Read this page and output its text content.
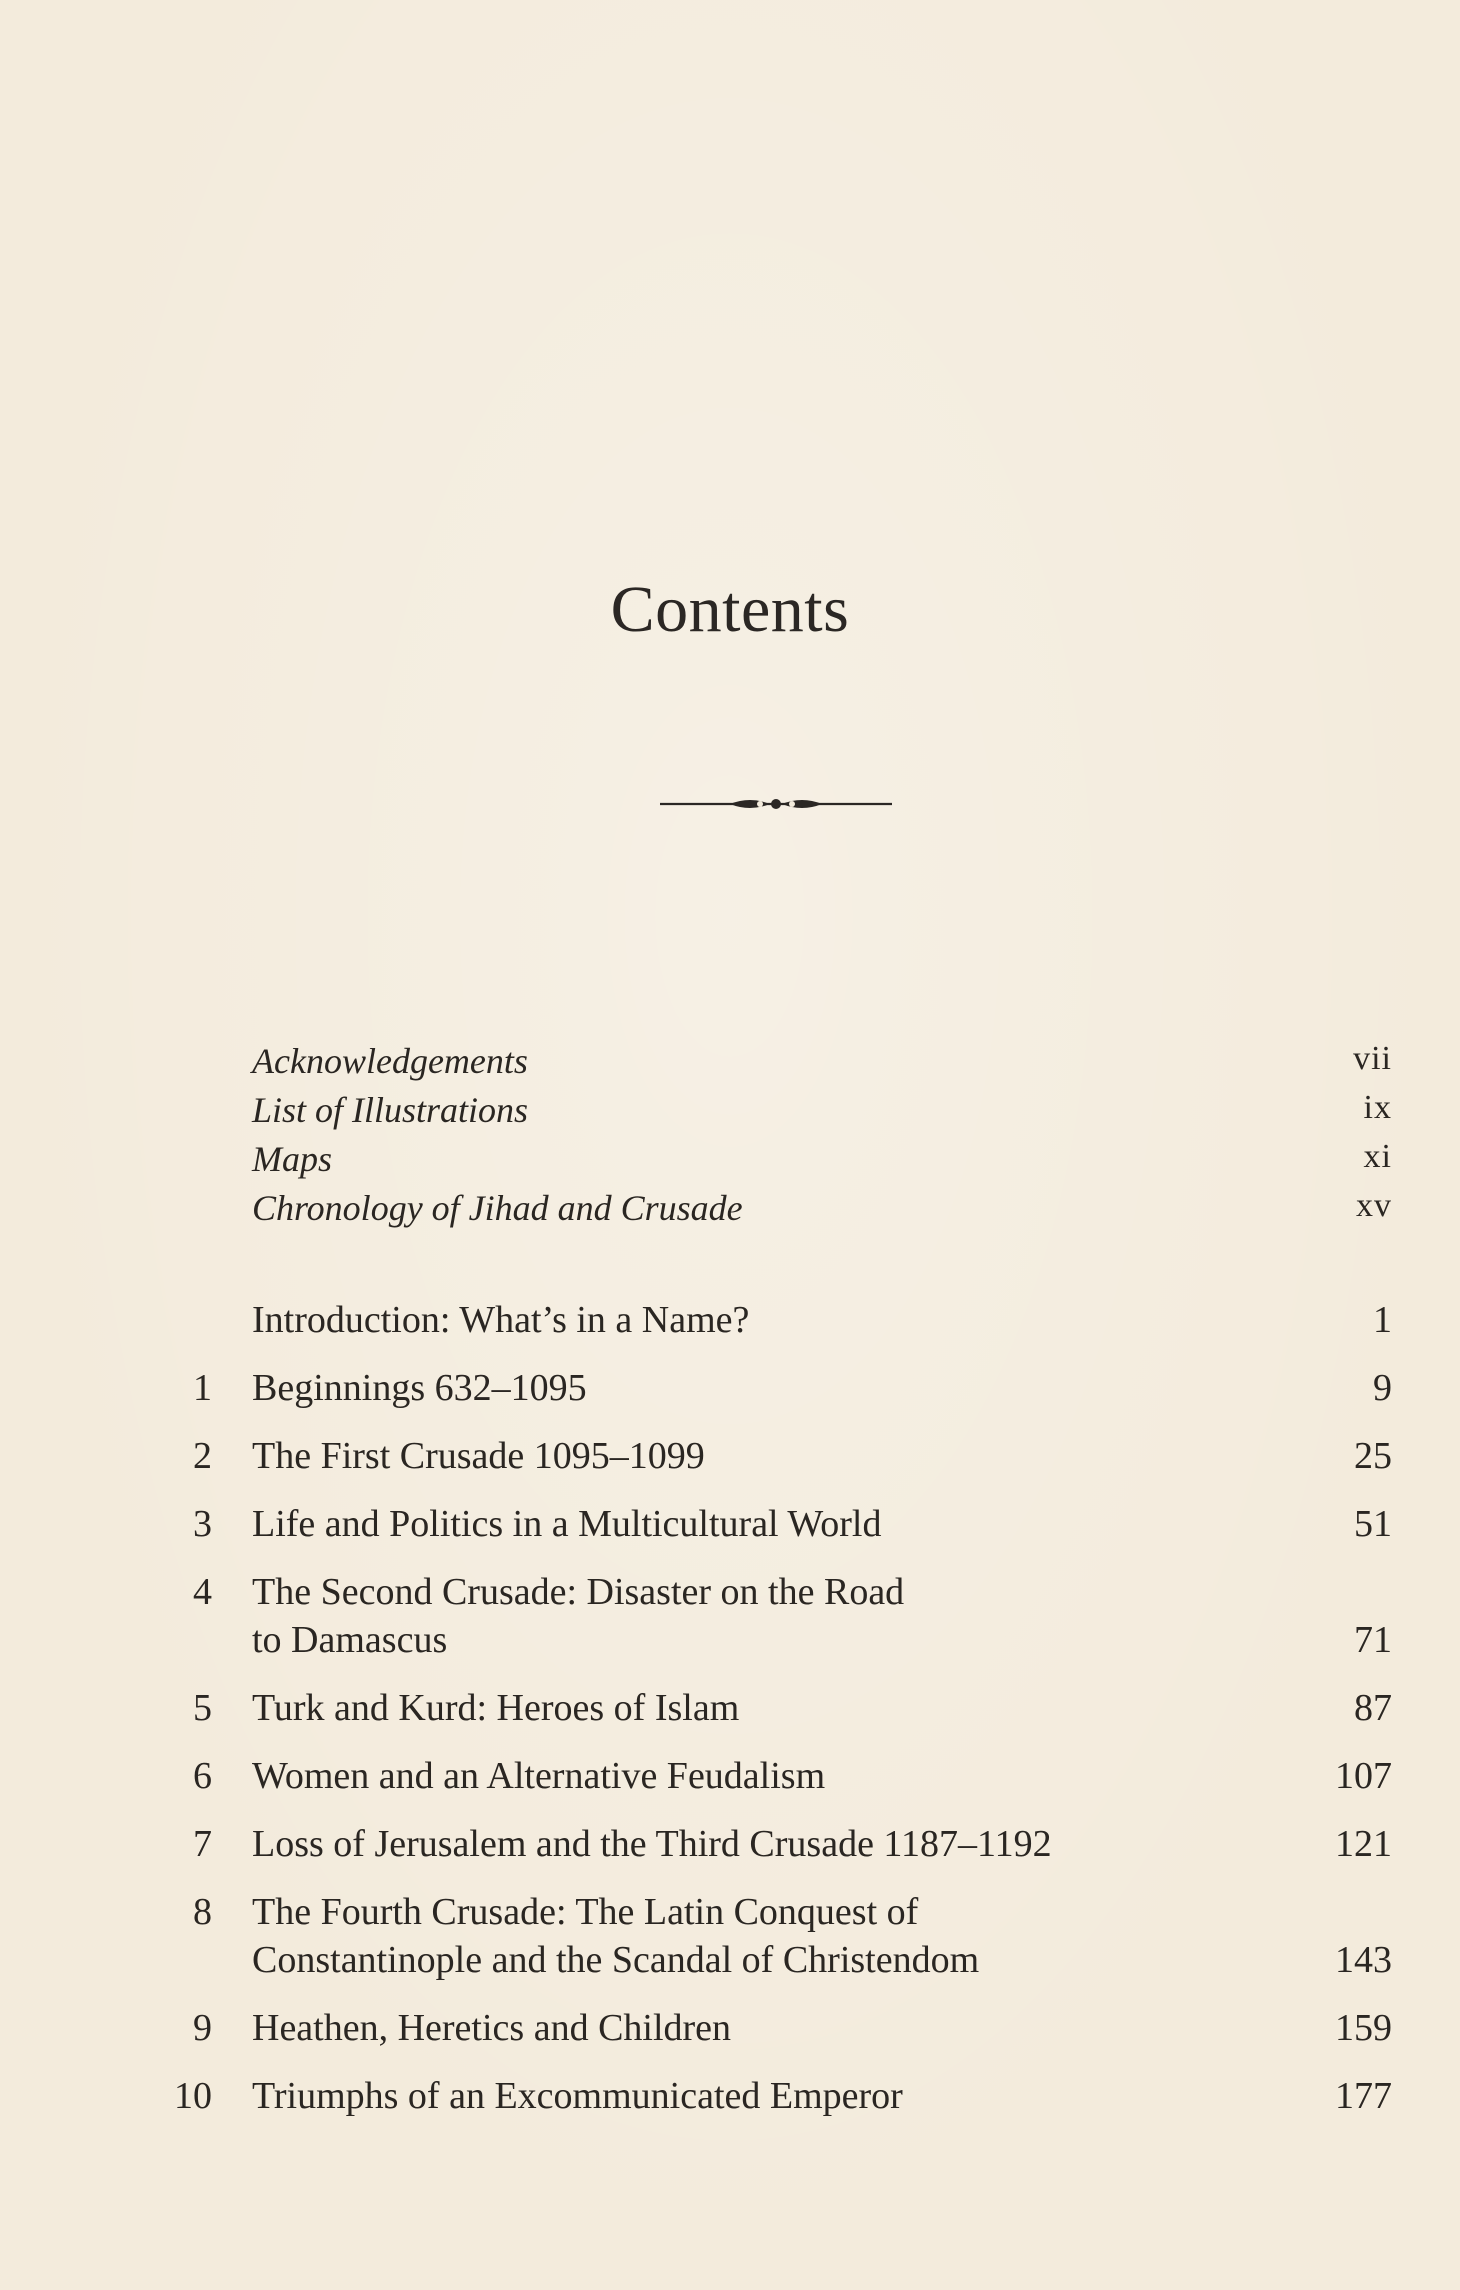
Contents
Acknowledgements	vii
List of Illustrations	ix
Maps	xi
Chronology of Jihad and Crusade	xv
Introduction: What’s in a Name?	1
1 Beginnings 632–1095	9
2 The First Crusade 1095–1099	25
3 Life and Politics in a Multicultural World	51
4 The Second Crusade: Disaster on the Road
to Damascus	71
5 Turk and Kurd: Heroes of Islam	87
6 Women and an Alternative Feudalism	107
7 Loss of Jerusalem and the Third Crusade 1187–1192	121
8 The Fourth Crusade: The Latin Conquest of
Constantinople and the Scandal of Christendom	143
9 Heathen, Heretics and Children	159
10 Triumphs of an Excommunicated Emperor	177
